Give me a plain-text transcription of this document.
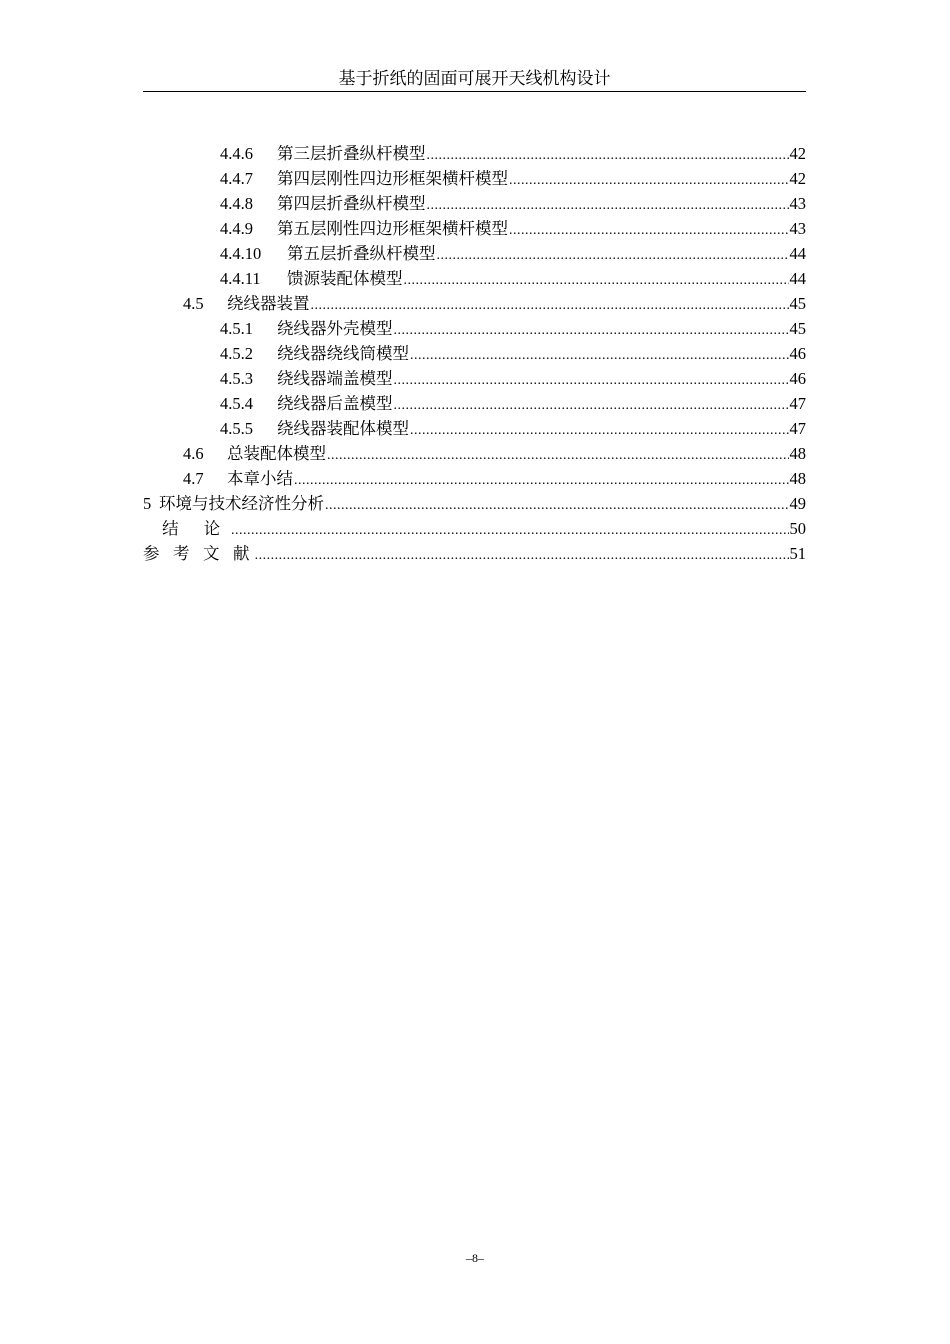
基于折纸的固面可展开天线机构设计
4.4.6	第三层折叠纵杆模型 .....	42
4.4.7	第四层刚性四边形框架横杆模型 .....	42
4.4.8	第四层折叠纵杆模型 .....	43
4.4.9	第五层刚性四边形框架横杆模型 .....	43
4.4.10	第五层折叠纵杆模型 .....	44
4.4.11	馈源装配体模型 .....	44
4.5	绕线器装置 .....	45
4.5.1	绕线器外壳模型 .....	45
4.5.2	绕线器绕线筒模型 .....	46
4.5.3	绕线器端盖模型 .....	46
4.5.4	绕线器后盖模型 .....	47
4.5.5	绕线器装配体模型 .....	47
4.6	总装配体模型 .....	48
4.7	本章小结 .....	48
5 环境与技术经济性分析 .....	49
结 论 .....	50
参 考 文 献 .....	51
–8–
